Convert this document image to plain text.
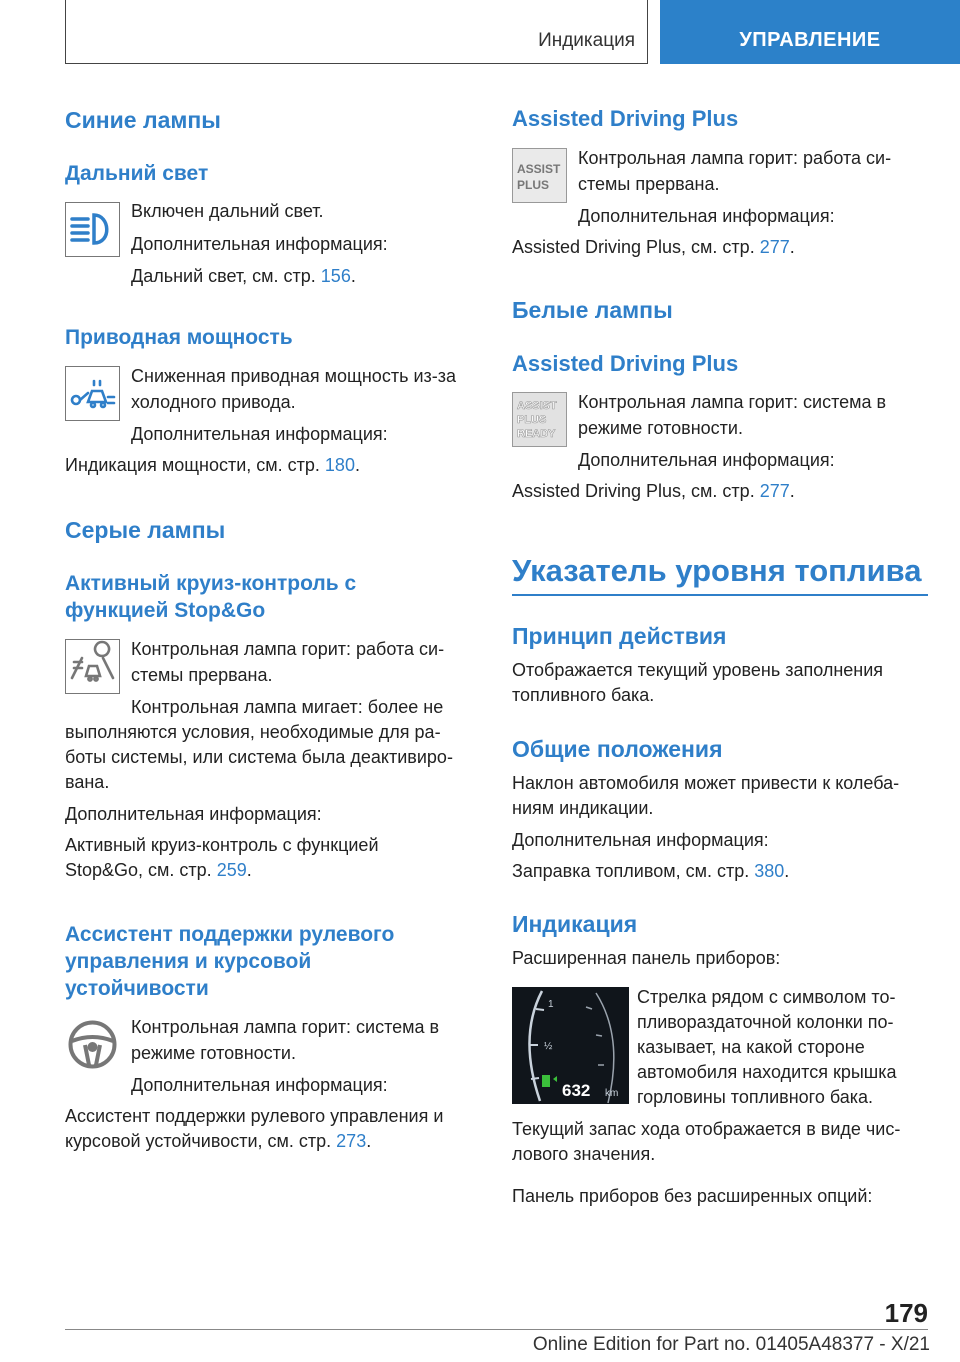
Индикация	УПРАВЛЕНИЕ
Синие лампы
Дальний свет

Включен дальний свет.

Дополнительная информация:

Дальний свет, см. стр. 156.

Приводная мощность

Сниженная приводная мощность из-за

холодного привода.

Дополнительная информация:

Индикация мощности, см. стр. 180.

Серые лампы
Активный круиз-контроль с
функцией Stop&Go

Контрольная лампа горит: работа си-

стемы прервана.

Контрольная лампа мигает: более не

выполняются условия, необходимые для ра-

боты системы, или система была деактивиро-

вана.

Дополнительная информация:

Активный круиз-контроль с функцией

Stop&Go, см. стр. 259.

Ассистент поддержки рулевого
управления и курсовой
устойчивости

Контрольная лампа горит: система в

режиме готовности.

Дополнительная информация:

Ассистент поддержки рулевого управления и

курсовой устойчивости, см. стр. 273.

Assisted Driving Plus
ASSIST
PLUS

Контрольная лампа горит: работа си-

стемы прервана.

Дополнительная информация:

Assisted Driving Plus, см. стр. 277.

Белые лампы
Assisted Driving Plus
ASSIST
PLUS
READY

Контрольная лампа горит: система в

режиме готовности.

Дополнительная информация:

Assisted Driving Plus, см. стр. 277.

Указатель уровня топлива
Принцип действия

Отображается текущий уровень заполнения

топливного бака.

Общие положения

Наклон автомобиля может привести к колеба-

ниям индикации.

Дополнительная информация:

Заправка топливом, см. стр. 380.

Индикация

Расширенная панель приборов:

1
½
632 km

Стрелка рядом с символом то-

пливораздаточной колонки по-

казывает, на какой стороне

автомобиля находится крышка

горловины топливного бака.

Текущий запас хода отображается в виде чис-

лового значения.

Панель приборов без расширенных опций:

179
Online Edition for Part no. 01405A48377 - X/21
